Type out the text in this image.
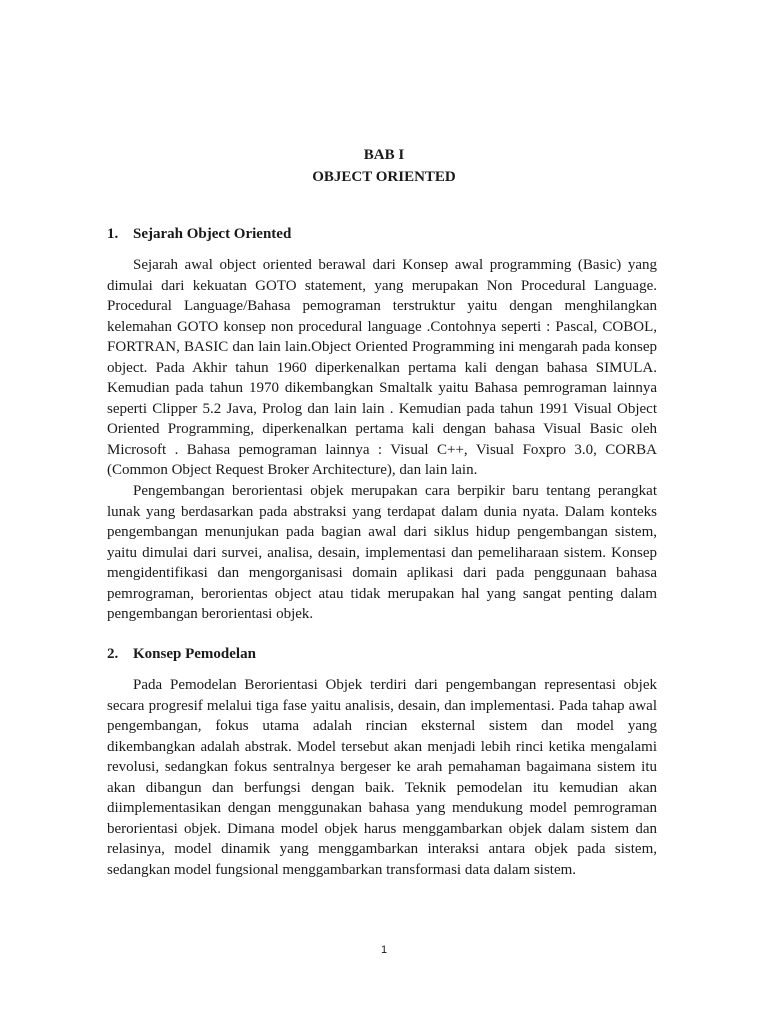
BAB I
OBJECT ORIENTED
1. Sejarah Object Oriented

Sejarah awal object oriented berawal dari Konsep awal programming (Basic) yang dimulai dari kekuatan GOTO statement, yang merupakan Non Procedural Language. Procedural Language/Bahasa pemograman terstruktur yaitu dengan menghilangkan kelemahan GOTO konsep non procedural language .Contohnya seperti : Pascal, COBOL, FORTRAN, BASIC dan lain lain.Object Oriented Programming ini mengarah pada konsep object. Pada Akhir tahun 1960 diperkenalkan pertama kali dengan bahasa SIMULA. Kemudian pada tahun 1970 dikembangkan Smaltalk yaitu Bahasa pemrograman lainnya seperti Clipper 5.2 Java, Prolog dan lain lain . Kemudian pada tahun 1991 Visual Object Oriented Programming, diperkenalkan pertama kali dengan bahasa Visual Basic oleh Microsoft . Bahasa pemograman lainnya : Visual C++, Visual Foxpro 3.0, CORBA (Common Object Request Broker Architecture), dan lain lain.

Pengembangan berorientasi objek merupakan cara berpikir baru tentang perangkat lunak yang berdasarkan pada abstraksi yang terdapat dalam dunia nyata. Dalam konteks pengembangan menunjukan pada bagian awal dari siklus hidup pengembangan sistem, yaitu dimulai dari survei, analisa, desain, implementasi dan pemeliharaan sistem. Konsep mengidentifikasi dan mengorganisasi domain aplikasi dari pada penggunaan bahasa pemrograman, berorientas object atau tidak merupakan hal yang sangat penting dalam pengembangan berorientasi objek.

2. Konsep Pemodelan

Pada Pemodelan Berorientasi Objek terdiri dari pengembangan representasi objek secara progresif melalui tiga fase yaitu analisis, desain, dan implementasi. Pada tahap awal pengembangan, fokus utama adalah rincian eksternal sistem dan model yang dikembangkan adalah abstrak. Model tersebut akan menjadi lebih rinci ketika mengalami revolusi, sedangkan fokus sentralnya bergeser ke arah pemahaman bagaimana sistem itu akan dibangun dan berfungsi dengan baik. Teknik pemodelan itu kemudian akan diimplementasikan dengan menggunakan bahasa yang mendukung model pemrograman berorientasi objek. Dimana model objek harus menggambarkan objek dalam sistem dan relasinya, model dinamik yang menggambarkan interaksi antara objek pada sistem, sedangkan model fungsional menggambarkan transformasi data dalam sistem.

1
